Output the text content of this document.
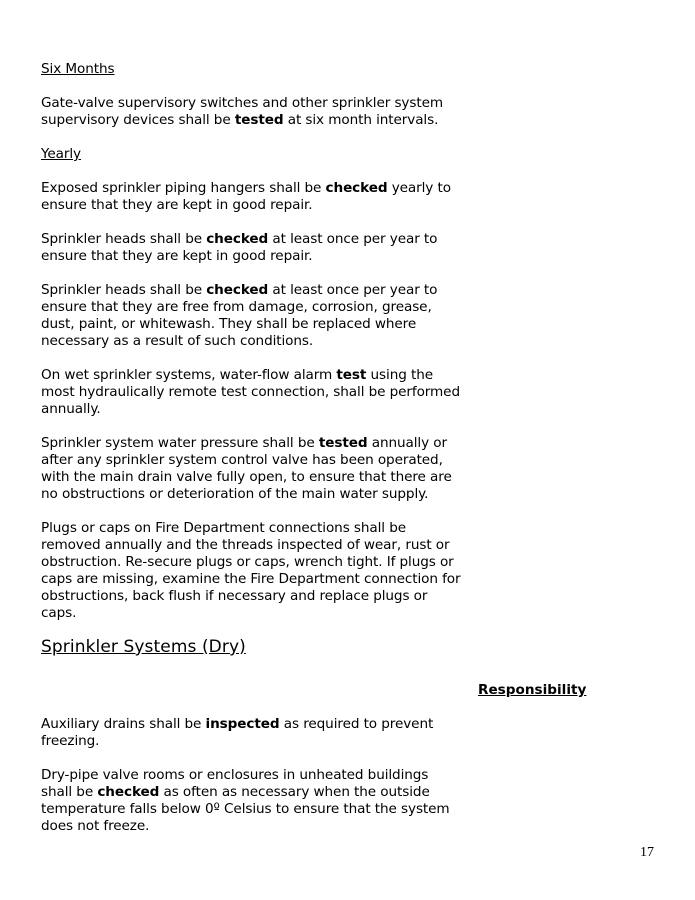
Six Months

Gate-valve supervisory switches and other sprinkler system supervisory devices shall be tested at six month intervals.

Yearly

Exposed sprinkler piping hangers shall be checked yearly to ensure that they are kept in good repair.

Sprinkler heads shall be checked at least once per year to ensure that they are kept in good repair.

Sprinkler heads shall be checked at least once per year to ensure that they are free from damage, corrosion, grease, dust, paint, or whitewash. They shall be replaced where necessary as a result of such conditions.

On wet sprinkler systems, water-flow alarm test using the most hydraulically remote test connection, shall be performed annually.

Sprinkler system water pressure shall be tested annually or after any sprinkler system control valve has been operated, with the main drain valve fully open, to ensure that there are no obstructions or deterioration of the main water supply.

Plugs or caps on Fire Department connections shall be removed annually and the threads inspected of wear, rust or obstruction. Re-secure plugs or caps, wrench tight. If plugs or caps are missing, examine the Fire Department connection for obstructions, back flush if necessary and replace plugs or caps.

Sprinkler Systems (Dry)

Responsibility

Auxiliary drains shall be inspected as required to prevent freezing.

Dry-pipe valve rooms or enclosures in unheated buildings shall be checked as often as necessary when the outside temperature falls below 0º Celsius to ensure that the system does not freeze.

17
